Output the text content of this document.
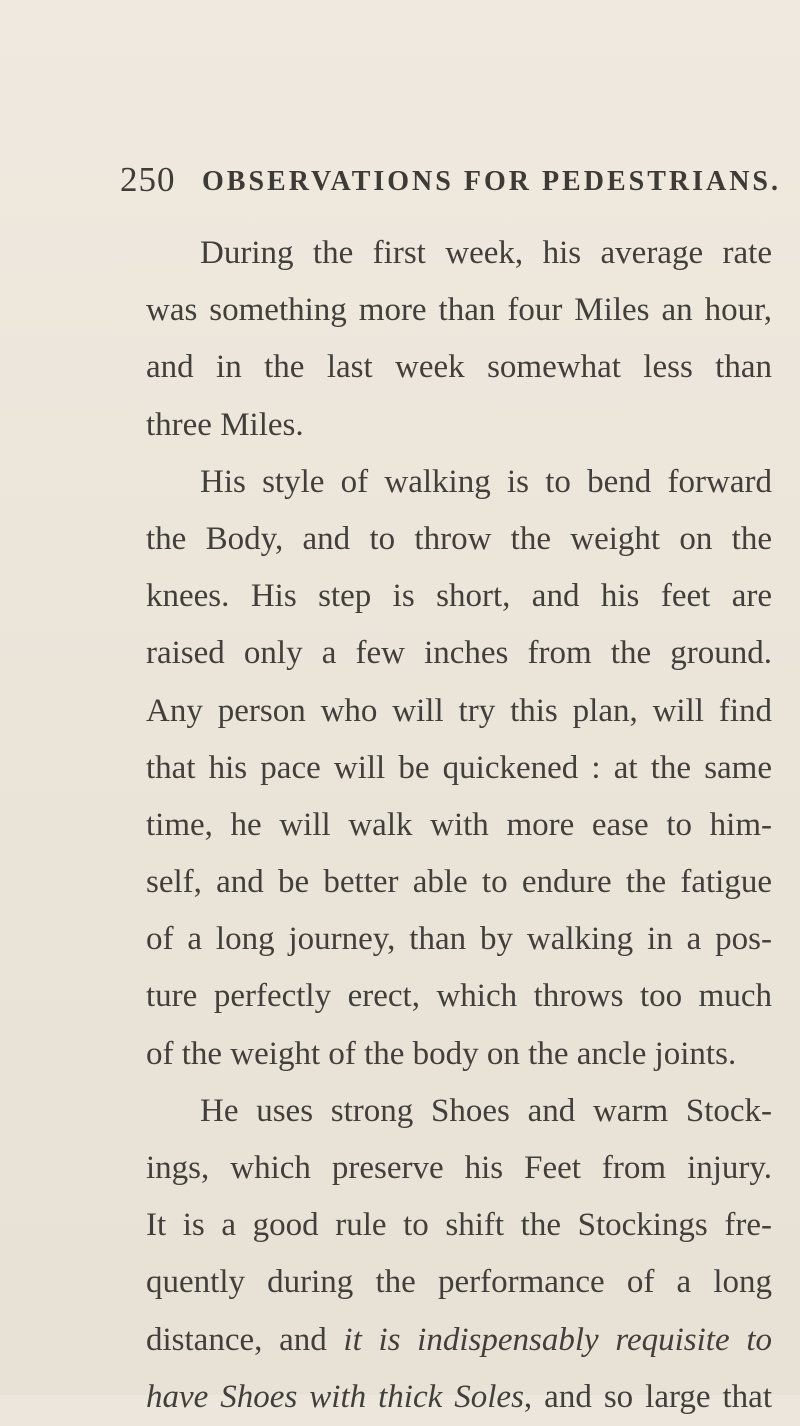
250 OBSERVATIONS FOR PEDESTRIANS.
During the first week, his average rate
was something more than four Miles an hour,
and in the last week somewhat less than
three Miles.
His style of walking is to bend forward
the Body, and to throw the weight on the
knees. His step is short, and his feet are
raised only a few inches from the ground.
Any person who will try this plan, will find
that his pace will be quickened : at the same
time, he will walk with more ease to him-
self, and be better able to endure the fatigue
of a long journey, than by walking in a pos-
ture perfectly erect, which throws too much
of the weight of the body on the ancle joints.
He uses strong Shoes and warm Stock-
ings, which preserve his Feet from injury.
It is a good rule to shift the Stockings fre-
quently during the performance of a long
distance, and it is indispensably requisite to
have Shoes with thick Soles, and so large that
